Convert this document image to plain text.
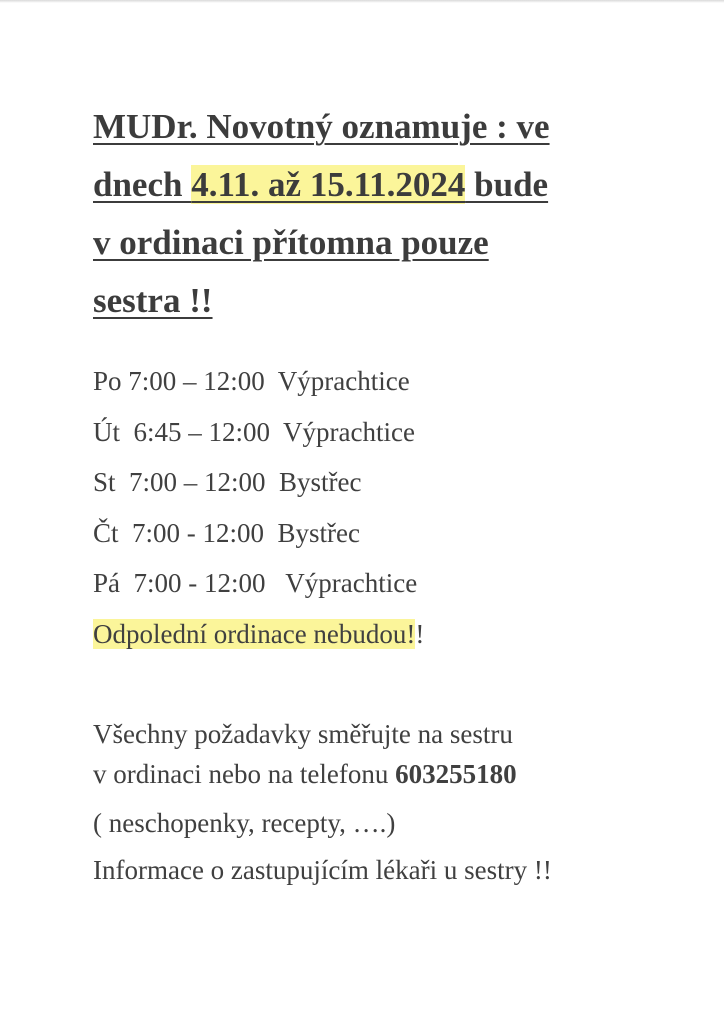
MUDr. Novotný oznamuje : ve
dnech 4.11. až 15.11.2024 bude
v ordinaci přítomna pouze
sestra !!
Po 7:00 – 12:00  Výprachtice
Út  6:45 – 12:00  Výprachtice
St  7:00 – 12:00  Bystřec
Čt  7:00 - 12:00  Bystřec
Pá  7:00 - 12:00   Výprachtice
Odpolední ordinace nebudou!!
Všechny požadavky směřujte na sestru
v ordinaci nebo na telefonu 603255180
( neschopenky, recepty, ….)
Informace o zastupujícím lékaři u sestry !!
